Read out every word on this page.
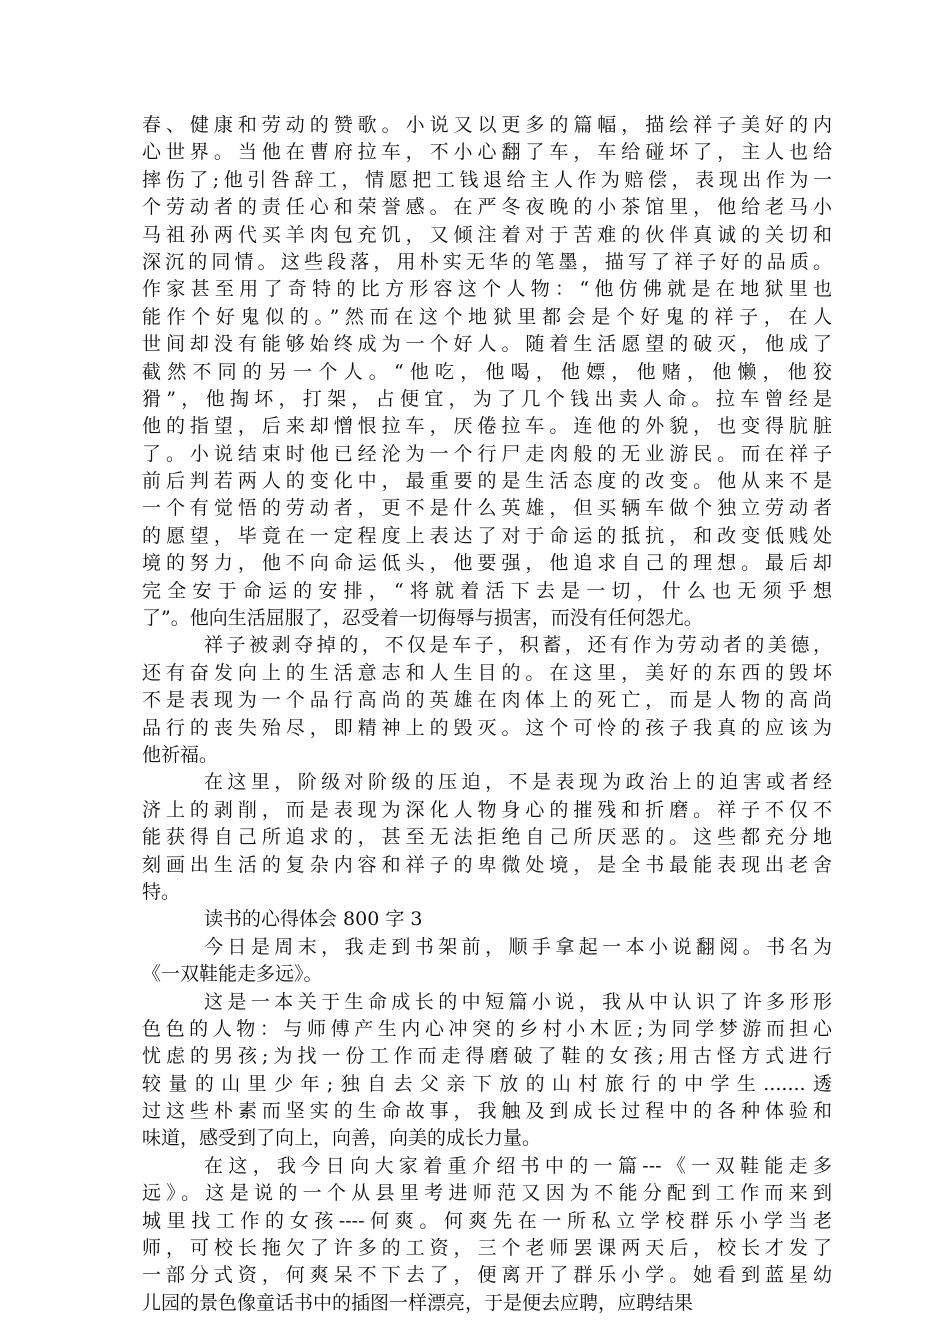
春、健康和劳动的赞歌。小说又以更多的篇幅，描绘祥子美好的内
心世界。当他在曹府拉车，不小心翻了车，车给碰坏了，主人也给
摔伤了;他引咎辞工，情愿把工钱退给主人作为赔偿，表现出作为一
个劳动者的责任心和荣誉感。在严冬夜晚的小茶馆里，他给老马小
马祖孙两代买羊肉包充饥，又倾注着对于苦难的伙伴真诚的关切和
深沉的同情。这些段落，用朴实无华的笔墨，描写了祥子好的品质。
作家甚至用了奇特的比方形容这个人物：“他仿佛就是在地狱里也
能作个好鬼似的。”然而在这个地狱里都会是个好鬼的祥子，在人
世间却没有能够始终成为一个好人。随着生活愿望的破灭，他成了
截然不同的另一个人。“他吃，他喝，他嫖，他赌，他懒，他狡
猾”，他掏坏，打架，占便宜，为了几个钱出卖人命。拉车曾经是
他的指望，后来却憎恨拉车，厌倦拉车。连他的外貌，也变得肮脏
了。小说结束时他已经沦为一个行尸走肉般的无业游民。而在祥子
前后判若两人的变化中，最重要的是生活态度的改变。他从来不是
一个有觉悟的劳动者，更不是什么英雄，但买辆车做个独立劳动者
的愿望，毕竟在一定程度上表达了对于命运的抵抗，和改变低贱处
境的努力，他不向命运低头，他要强，他追求自己的理想。最后却
完全安于命运的安排，“将就着活下去是一切，什么也无须乎想
了”。他向生活屈服了，忍受着一切侮辱与损害，而没有任何怨尤。
祥子被剥夺掉的，不仅是车子，积蓄，还有作为劳动者的美德，
还有奋发向上的生活意志和人生目的。在这里，美好的东西的毁坏
不是表现为一个品行高尚的英雄在肉体上的死亡，而是人物的高尚
品行的丧失殆尽，即精神上的毁灭。这个可怜的孩子我真的应该为
他祈福。
在这里，阶级对阶级的压迫，不是表现为政治上的迫害或者经
济上的剥削，而是表现为深化人物身心的摧残和折磨。祥子不仅不
能获得自己所追求的，甚至无法拒绝自己所厌恶的。这些都充分地
刻画出生活的复杂内容和祥子的卑微处境，是全书最能表现出老舍
特。
读书的心得体会 800 字 3
今日是周末，我走到书架前，顺手拿起一本小说翻阅。书名为
《一双鞋能走多远》。
这是一本关于生命成长的中短篇小说，我从中认识了许多形形
色色的人物：与师傅产生内心冲突的乡村小木匠;为同学梦游而担心
忧虑的男孩;为找一份工作而走得磨破了鞋的女孩;用古怪方式进行
较量的山里少年;独自去父亲下放的山村旅行的中学生.......透
过这些朴素而坚实的生命故事，我触及到成长过程中的各种体验和
味道，感受到了向上，向善，向美的成长力量。
在这，我今日向大家着重介绍书中的一篇---《一双鞋能走多
远》。这是说的一个从县里考进师范又因为不能分配到工作而来到
城里找工作的女孩----何爽。何爽先在一所私立学校群乐小学当老
师，可校长拖欠了许多的工资，三个老师罢课两天后，校长才发了
一部分式资，何爽呆不下去了，便离开了群乐小学。她看到蓝星幼
儿园的景色像童话书中的插图一样漂亮，于是便去应聘，应聘结果
